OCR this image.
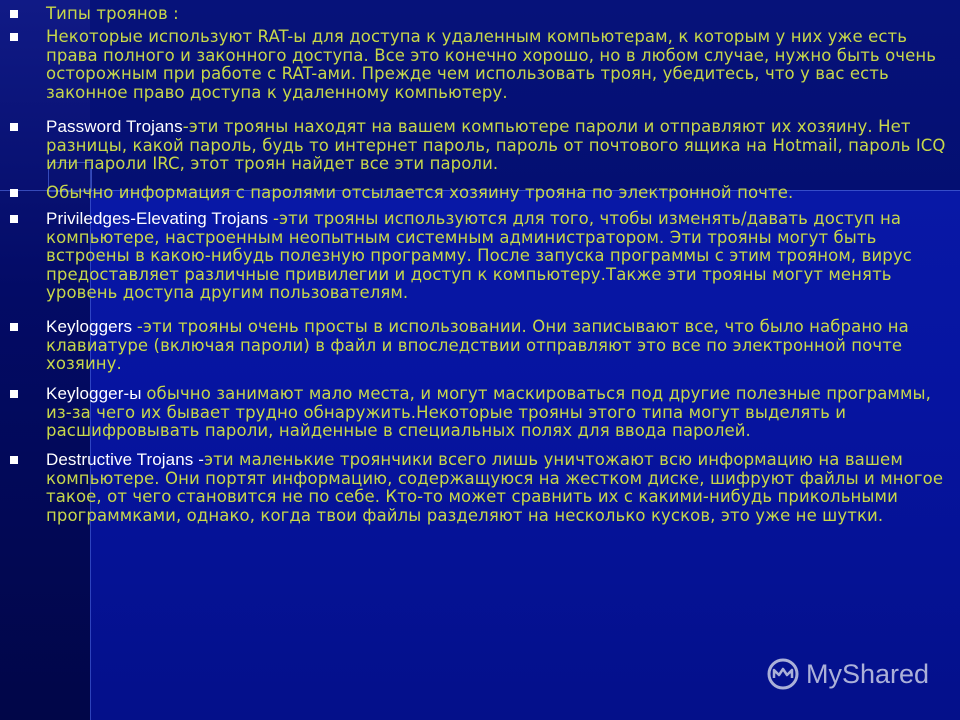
Типы троянов :
Некоторые используют RAT-ы для доступа к удаленным компьютерам, к которым у них уже есть права полного и законного доступа. Все это конечно хорошо, но в любом случае, нужно быть очень осторожным при работе с RAT-ами. Прежде чем использовать троян, убедитесь, что у вас есть законное право доступа к удаленному компьютеру.
Password Trojans-эти трояны находят на вашем компьютере пароли и отправляют их хозяину. Нет разницы, какой пароль, будь то интернет пароль, пароль от почтового ящика на Hotmail, пароль ICQ или пароли IRC, этот троян найдет все эти пароли.
Обычно информация с паролями отсылается хозяину трояна по электронной почте.
Priviledges-Elevating Trojans -эти трояны используются для того, чтобы изменять/давать доступ на компьютере, настроенным неопытным системным администратором. Эти трояны могут быть встроены в какою-нибудь полезную программу. После запуска программы с этим трояном, вирус предоставляет различные привилегии и доступ к компьютеру.Также эти трояны могут менять уровень доступа другим пользователям.
Keyloggers -эти трояны очень просты в использовании. Они записывают все, что было набрано на клавиатуре (включая пароли) в файл и впоследствии отправляют это все по электронной почте хозяину.
Keylogger-ы обычно занимают мало места, и могут маскироваться под другие полезные программы, из-за чего их бывает трудно обнаружить.Некоторые трояны этого типа могут выделять и расшифровывать пароли, найденные в специальных полях для ввода паролей.
Destructive Trojans -эти маленькие троянчики всего лишь уничтожают всю информацию на вашем компьютере. Они портят информацию, содержащуюся на жестком диске, шифруют файлы и многое такое, от чего становится не по себе. Кто-то может сравнить их с какими-нибудь прикольными программками, однако, когда твои файлы разделяют на несколько кусков, это уже не шутки.
MyShared
